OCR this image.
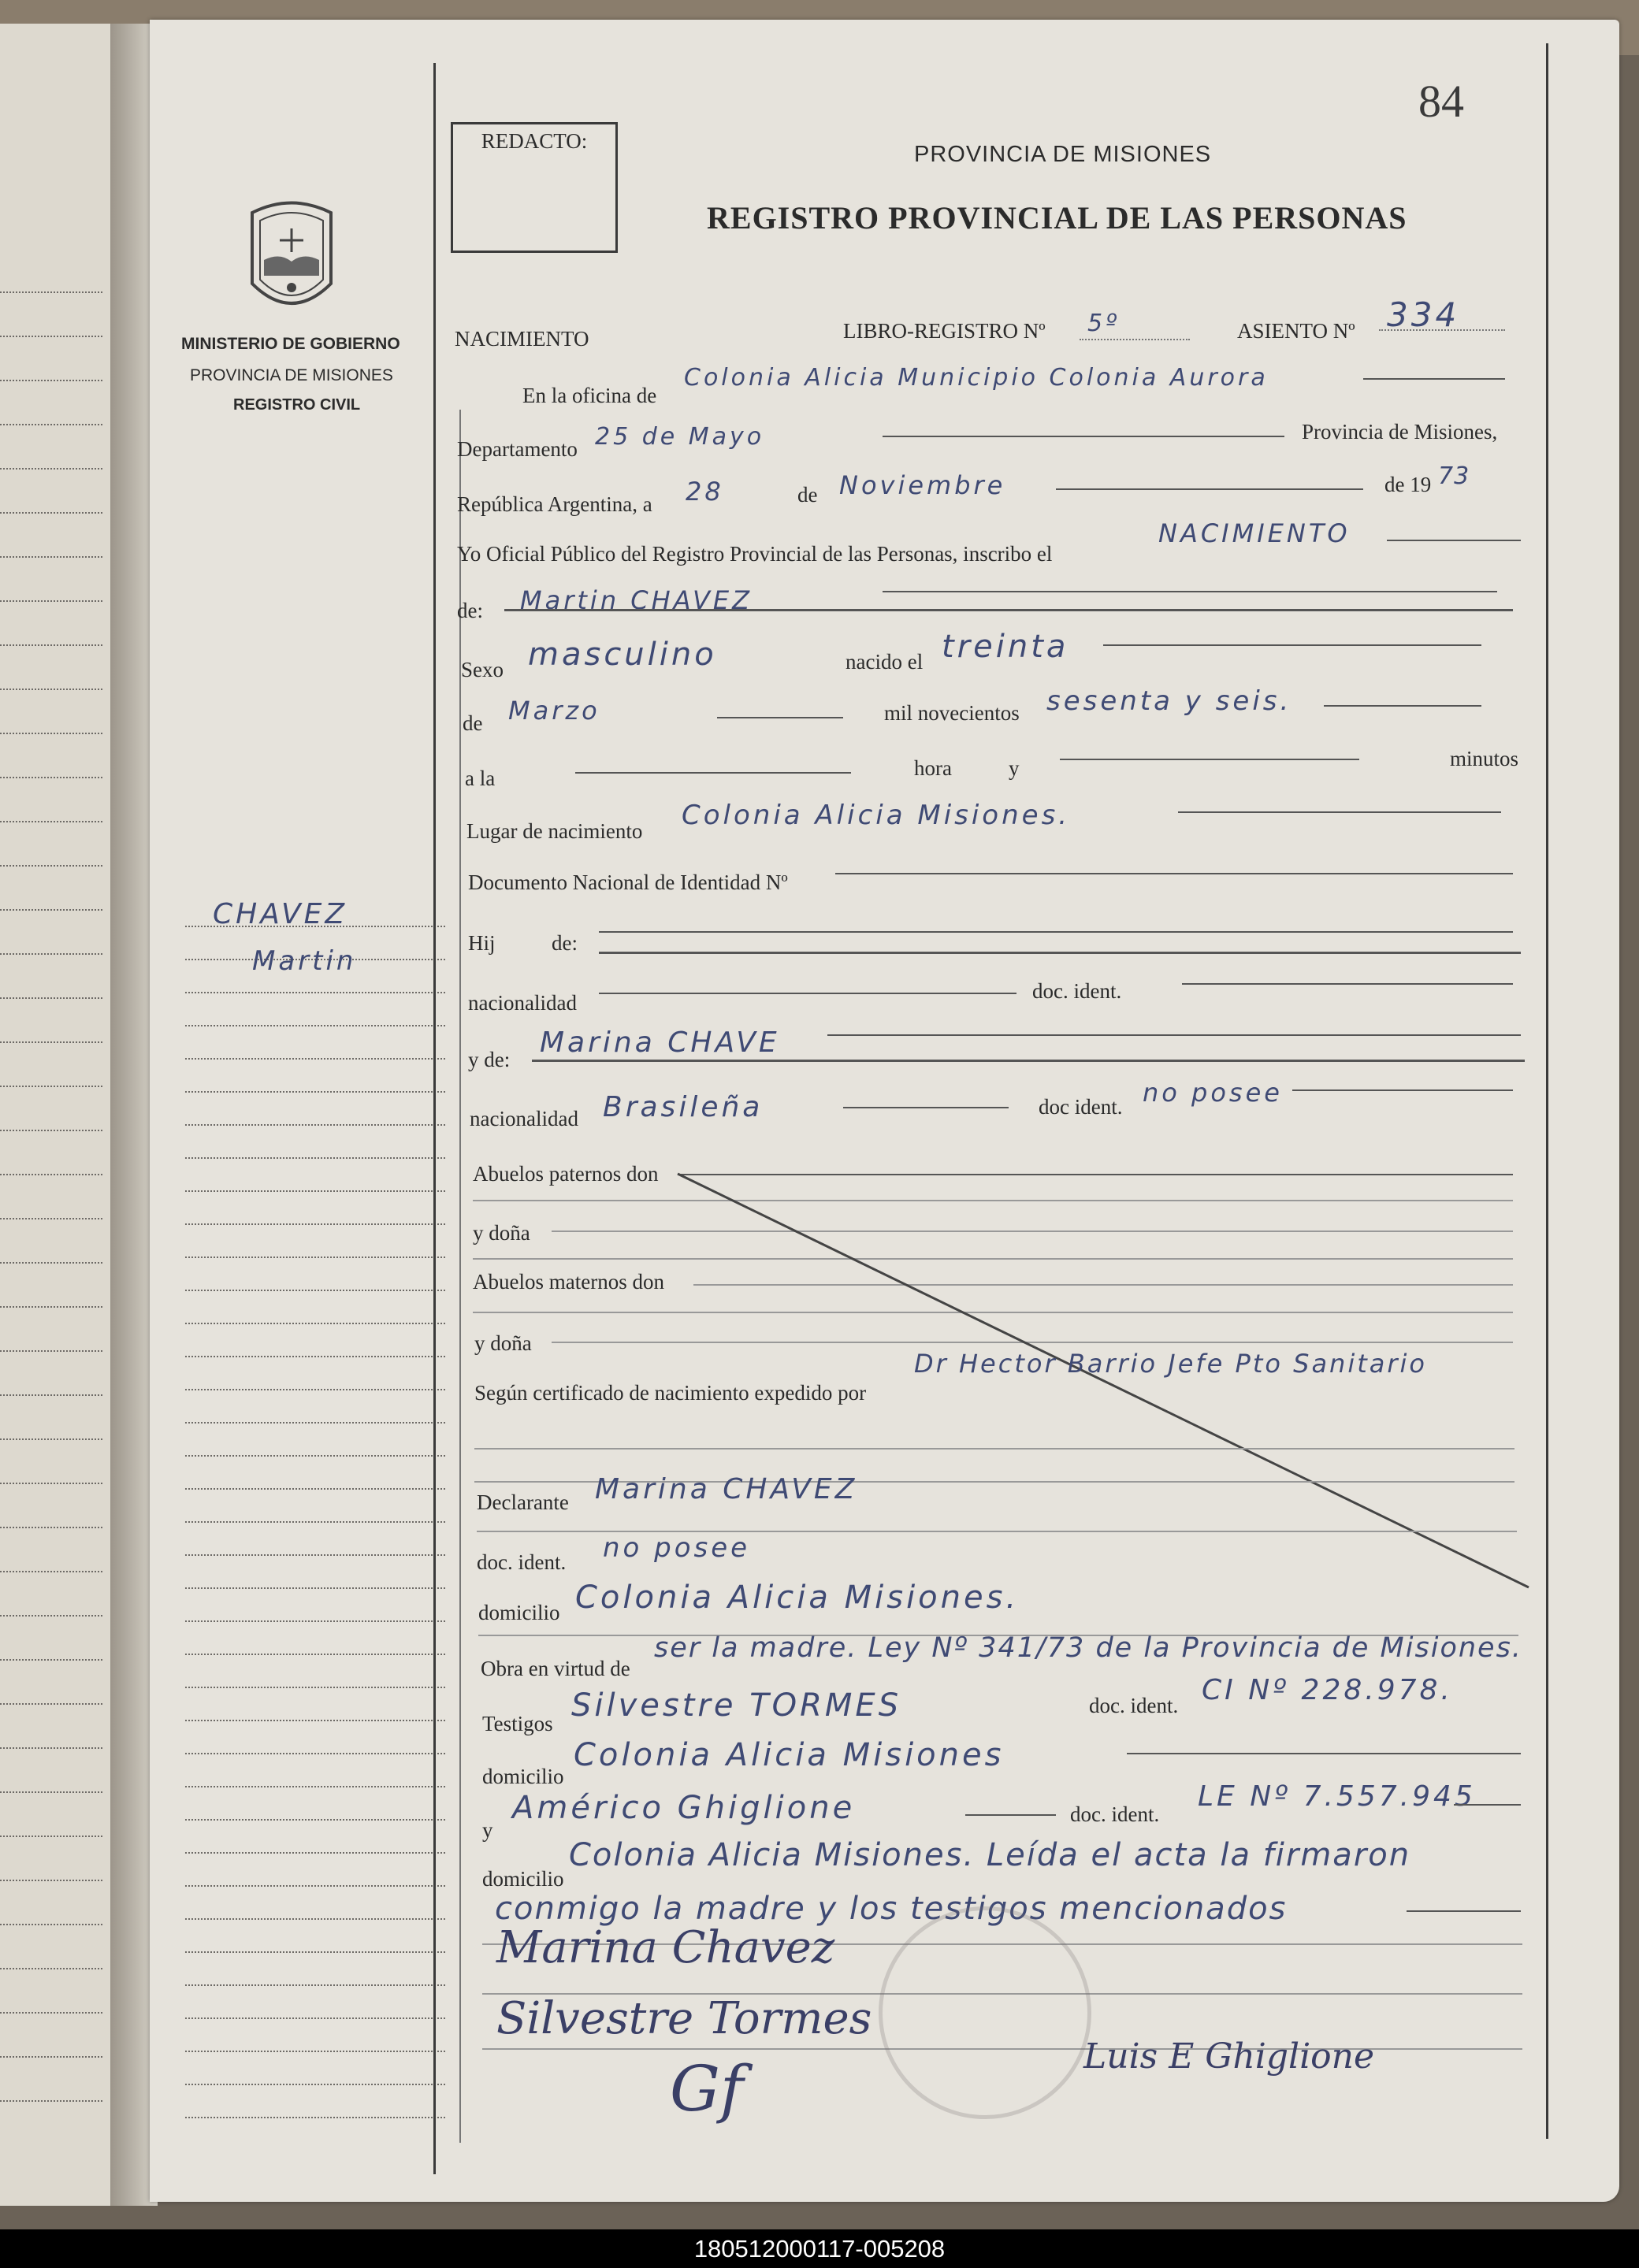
84
REDACTO:
PROVINCIA DE MISIONES
REGISTRO PROVINCIAL DE LAS PERSONAS
MINISTERIO DE GOBIERNO
PROVINCIA DE MISIONES
REGISTRO CIVIL
CHAVEZ
Martin
NACIMIENTO	LIBRO-REGISTRO Nº 5º	ASIENTO Nº 334
En la oficina de
Colonia Alicia Municipio Colonia Aurora
Departamento 25 de Mayo	Provincia de Misiones,
República Argentina, a 28	de Noviembre	de 19 73
Yo Oficial Público del Registro Provincial de las Personas, inscribo el
NACIMIENTO
de: Martin CHAVEZ
Sexo masculino	nacido el treinta
de Marzo	mil novecientos sesenta y seis.
a la	hora	y	minutos
Lugar de nacimiento Colonia Alicia Misiones.
Documento Nacional de Identidad Nº
Hij	de:
nacionalidad	doc. ident.
y de:
Marina CHAVE
nacionalidad Brasileña	doc ident. no posee
Abuelos paternos don
y doña
Abuelos maternos don
y doña
Según certificado de nacimiento expedido por
Dr Hector Barrio Jefe Pto Sanitario
Declarante Marina CHAVEZ
doc. ident. no posee
domicilio Colonia Alicia Misiones.
Obra en virtud de
ser la madre. Ley Nº 341/73 de la Provincia de Misiones.
Testigos Silvestre TORMES	doc. ident. CI Nº 228.978.
domicilio
Colonia Alicia Misiones
y
Américo Ghiglione	doc. ident.
LE Nº 7.557.945
domicilio
Colonia Alicia Misiones. Leída el acta la firmaron
conmigo la madre y los testigos mencionados
Marina Chavez
Silvestre Tormes
Gf	Luis E Ghiglione
180512000117-005208
